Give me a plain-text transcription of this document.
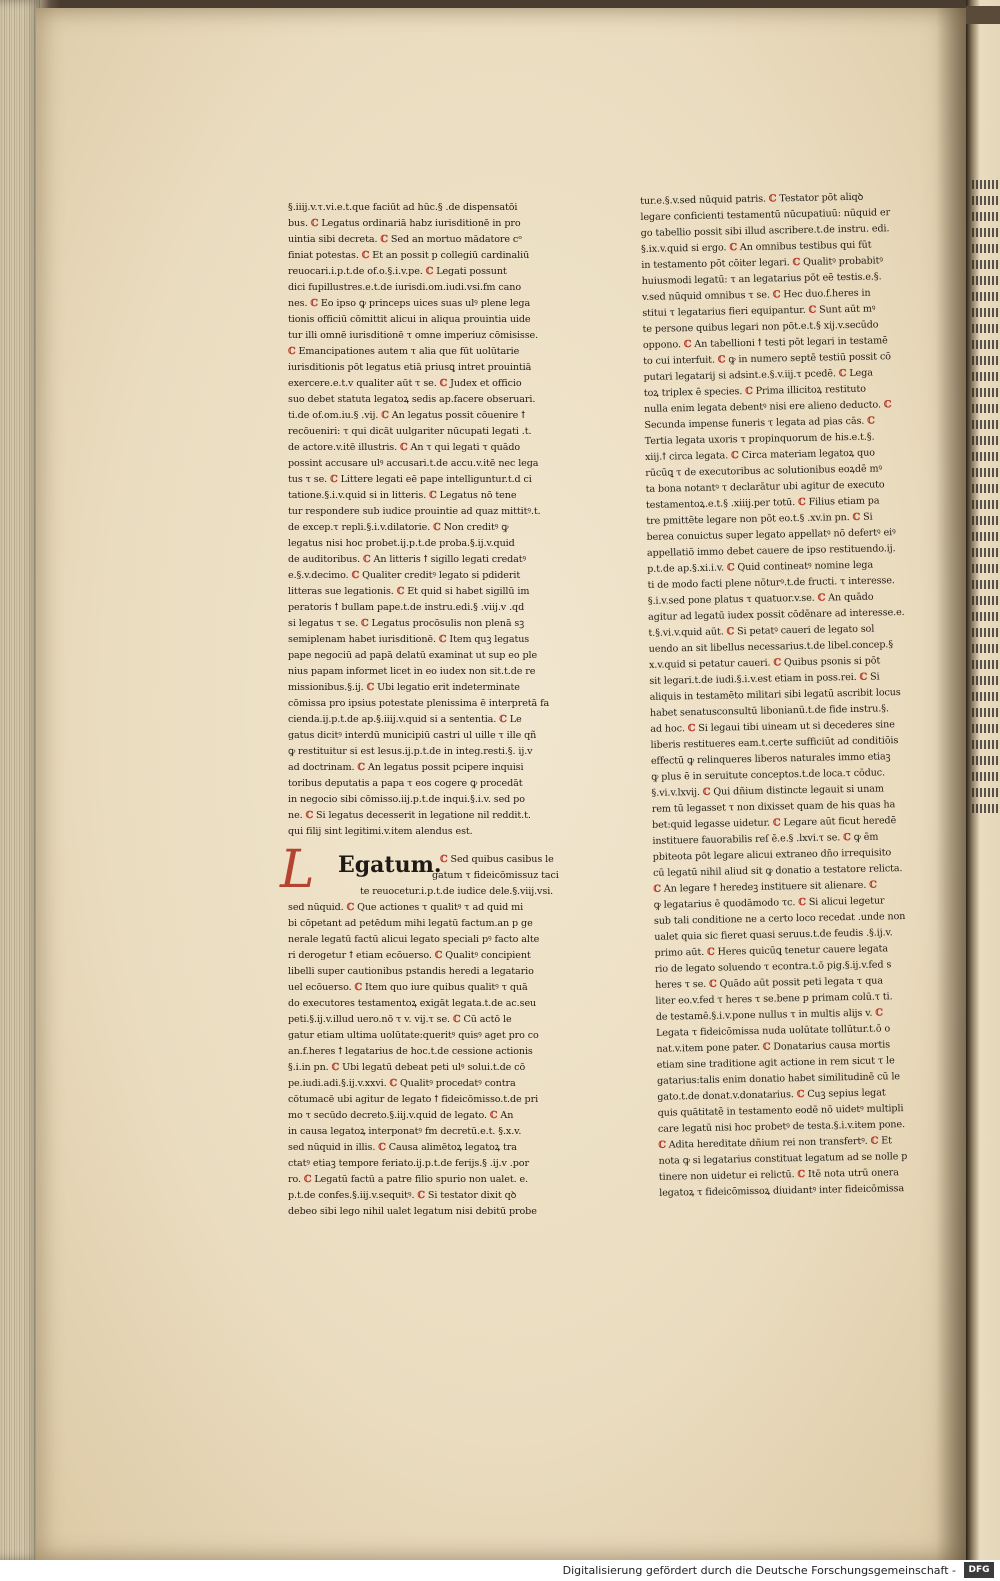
§.iiij.v.τ.vi.e.t.que faciūt ad hūc.§ .de dispensatōi
bus. ℂ Legatus ordinariā habz iurisditionē in pro
uintia sibi decreta. ℂ Sed an mortuo mādatore cᵒ
finiat potestas. ℂ Et an possit p collegiū cardinaliū
reuocari.i.p.t.de of.o.§.i.v.pe. ℂ Legati possunt
dici fupillustres.e.t.de iurisdi.om.iudi.vsi.fm cano
nes. ℂ Eo ipso ꝙ princeps uices suas ulꝰ plene lega
tionis officiū cōmittit alicui in aliqua prouintia uide
tur illi omnē iurisditionē τ omne imperiuz cōmisisse.
ℂ Emancipationes autem τ alia que fūt uolūtarie
iurisditionis pōt legatus etiā priusꝗ intret prouintiā
exercere.e.t.v qualiter aūt τ se. ℂ Judex et officio
suo debet statuta legatoꝝ sedis ap.facere obseruari.
ti.de of.om.iu.§ .vij. ℂ An legatus possit cōuenire ꝉ
recōueniri: τ qui dicāt uulgariter nūcupati legati .t.
de actore.v.itē illustris. ℂ An τ qui legati τ quādo
possint accusare ulꝰ accusari.t.de accu.v.itē nec lega
tus τ se. ℂ Littere legati eē pape intelliguntur.t.d ci
tatione.§.i.v.quid si in litteris. ℂ Legatus nō tene
tur respondere sub iudice prouintie ad quaz mittitꝰ.t.
de excep.τ repli.§.i.v.dilatorie. ℂ Non creditꝰ ꝙ
legatus nisi hoc probet.ij.p.t.de proba.§.ij.v.quid
de auditoribus. ℂ An litteris ꝉ sigillo legati credatꝰ
e.§.v.decimo. ℂ Qualiter creditꝰ legato si pdiderit
litteras sue legationis. ℂ Et quid si habet sigillū im
peratoris ꝉ bullam pape.t.de instru.edi.§ .viij.v .qd
si legatus τ se. ℂ Legatus procōsulis non plenā sꝫ
semiplenam habet iurisditionē. ℂ Item quꝫ legatus
pape negociū ad papā delatū examinat ut sup eo ple
nius papam informet licet in eo iudex non sit.t.de re
missionibus.§.ij. ℂ Ubi legatio erit indeterminate
cōmissa pro ipsius potestate plenissima ē interpretā fa
cienda.ij.p.t.de ap.§.iiij.v.quid si a sententia. ℂ Le
gatus dicitꝰ interdū municipiū castri ul uille τ ille qñ
ꝙ restituitur si est lesus.ij.p.t.de in integ.resti.§. ij.v
ad doctrinam. ℂ An legatus possit pcipere inquisi
toribus deputatis a papa τ eos cogere ꝙ procedāt
in negocio sibi cōmisso.iij.p.t.de inqui.§.i.v. sed po
ne. ℂ Si legatus decesserit in legatione nil reddit.t.
qui filij sint legitimi.v.item alendus est.
L Egatum.
ℂ Sed quibus casibus le
gatum τ fideicōmissuz taci
te reuocetur.i.p.t.de iudice dele.§.viij.vsi.
sed nūquid. ℂ Que actiones τ qualitꝰ τ ad quid mi
bi cōpetant ad petēdum mihi legatū factum.an p ge
nerale legatū factū alicui legato speciali pꝰ facto alte
ri derogetur ꝉ etiam ecōuerso. ℂ Qualitꝰ concipient
libelli super cautionibus pstandis heredi a legatario
uel ecōuerso. ℂ Item quo iure quibus qualitꝰ τ quā
do executores testamentoꝝ exigāt legata.t.de ac.seu
peti.§.ij.v.illud uero.nō τ v. vij.τ se. ℂ Cū actō le
gatur etiam ultima uolūtate:queritꝰ quisꝰ aget pro co
an.f.heres ꝉ legatarius de hoc.t.de cessione actionis
§.i.in pn. ℂ Ubi legatū debeat peti ulꝰ solui.t.de cō
pe.iudi.adi.§.ij.v.xxvi. ℂ Qualitꝰ procedatꝰ contra
cōtumacē ubi agitur de legato ꝉ fideicōmisso.t.de pri
mo τ secūdo decreto.§.iij.v.quid de legato. ℂ An
in causa legatoꝝ interponatꝰ fm decretū.e.t. §.x.v.
sed nūquid in illis. ℂ Causa alimētoꝝ legatoꝝ tra
ctatꝰ etiaꝫ tempore feriato.ij.p.t.de ferijs.§ .ij.v .por
ro. ℂ Legatū factū a patre filio spurio non ualet. e.
p.t.de confes.§.iij.v.sequitꝰ. ℂ Si testator dixit qꝺ
debeo sibi lego nihil ualet legatum nisi debitū probe
tur.e.§.v.sed nūquid patris. ℂ Testator pōt aliqꝺ
legare conficienti testamentū nūcupatiuū: nūquid er
go tabellio possit sibi illud ascribere.t.de instru. edi.
§.ix.v.quid si ergo. ℂ An omnibus testibus qui fūt
in testamento pōt cōiter legari. ℂ Qualitꝰ probabitꝰ
huiusmodi legatū: τ an legatarius pōt eē testis.e.§.
v.sed nūquid omnibus τ se. ℂ Hec duo.f.heres in
stitui τ legatarius fieri equipantur. ℂ Sunt aūt mꝰ
te persone quibus legari non pōt.e.t.§ xij.v.secūdo
oppono. ℂ An tabellioni ꝉ testi pōt legari in testamē
to cui interfuit. ℂ ꝙ in numero septē testiū possit cō
putari legatarij si adsint.e.§.v.iij.τ pcedē. ℂ Lega
toꝝ triplex ē species. ℂ Prima illicitoꝝ restituto
nulla enim legata debentꝰ nisi ere alieno deducto. ℂ
Secunda impense funeris τ legata ad pias cās. ℂ
Tertia legata uxoris τ propinquorum de his.e.t.§.
xiij.ꝉ circa legata. ℂ Circa materiam legatoꝝ quo
rūcūꝗ τ de executoribus ac solutionibus eoꝝdē mꝰ
ta bona notantꝰ τ declarātur ubi agitur de executo
testamentoꝝ.e.t.§ .xiiij.per totū. ℂ Filius etiam pa
tre pmittēte legare non pōt eo.t.§ .xv.in pn. ℂ Si
berea conuictus super legato appellatꝰ nō defertꝰ eiꝰ
appellatiō immo debet cauere de ipso restituendo.ij.
p.t.de ap.§.xi.i.v. ℂ Quid contineatꝰ nomine lega
ti de modo facti plene nōturꝰ.t.de fructi. τ interesse.
§.i.v.sed pone platus τ quatuor.v.se. ℂ An quādo
agitur ad legatū iudex possit cōdēnare ad interesse.e.
t.§.vi.v.quid aūt. ℂ Si petatꝰ caueri de legato sol
uendo an sit libellus necessarius.t.de libel.concep.§
x.v.quid si petatur caueri. ℂ Quibus psonis si pōt
sit legari.t.de iudi.§.i.v.est etiam in poss.rei. ℂ Si
aliquis in testamēto militari sibi legatū ascribit locus
habet senatusconsultū libonianū.t.de fide instru.§.
ad hoc. ℂ Si legaui tibi uineam ut si decederes sine
liberis restitueres eam.t.certe sufficiūt ad conditiōis
effectū ꝙ relinqueres liberos naturales immo etiaꝫ
ꝙ plus ē in seruitute conceptos.t.de loca.τ cōduc.
§.vi.v.lxvij. ℂ Qui dñium distincte legauit si unam
rem tū legasset τ non dixisset quam de his quas ha
bet:quid legasse uidetur. ℂ Legare aūt ficut heredē
instituere fauorabilis reſ ē.e.§ .lxvi.τ se. ℂ ꝙ ēm
pbiteota pōt legare alicui extraneo dño irrequisito
cū legatū nihil aliud sit ꝙ donatio a testatore relicta.
ℂ An legare ꝉ heredeꝫ instituere sit alienare. ℂ
ꝙ legatarius ē quodāmodo τc. ℂ Si alicui legetur
sub tali conditione ne a certo loco recedat .unde non
ualet quia sic fieret quasi seruus.t.de feudis .§.ij.v.
primo aūt. ℂ Heres quicūꝗ tenetur cauere legata
rio de legato soluendo τ econtra.t.ō pig.§.ij.v.fed s
heres τ se. ℂ Quādo aūt possit peti legata τ qua
liter eo.v.fed τ heres τ se.bene p primam colū.τ ti.
de testamē.§.i.v.pone nullus τ in multis alijs v. ℂ
Legata τ fideicōmissa nuda uolūtate tollūtur.t.ō o
nat.v.item pone pater. ℂ Donatarius causa mortis
etiam sine traditione agit actione in rem sicut τ le
gatarius:talis enim donatio habet similitudinē cū le
gato.t.de donat.v.donatarius. ℂ Cuꝫ sepius legat
quis quātitatē in testamento eodē nō uidetꝰ multipli
care legatū nisi hoc probetꝰ de testa.§.i.v.item pone.
ℂ Adita hereditate dñium rei non transfertꝰ. ℂ Et
nota ꝙ si legatarius constituat legatum ad se nolle p
tinere non uidetur ei relictū. ℂ Itē nota utrū onera
legatoꝝ τ fideicōmissoꝝ diuidantꝰ inter fideicōmissa
Digitalisierung gefördert durch die Deutsche Forschungsgemeinschaft -	DFG
